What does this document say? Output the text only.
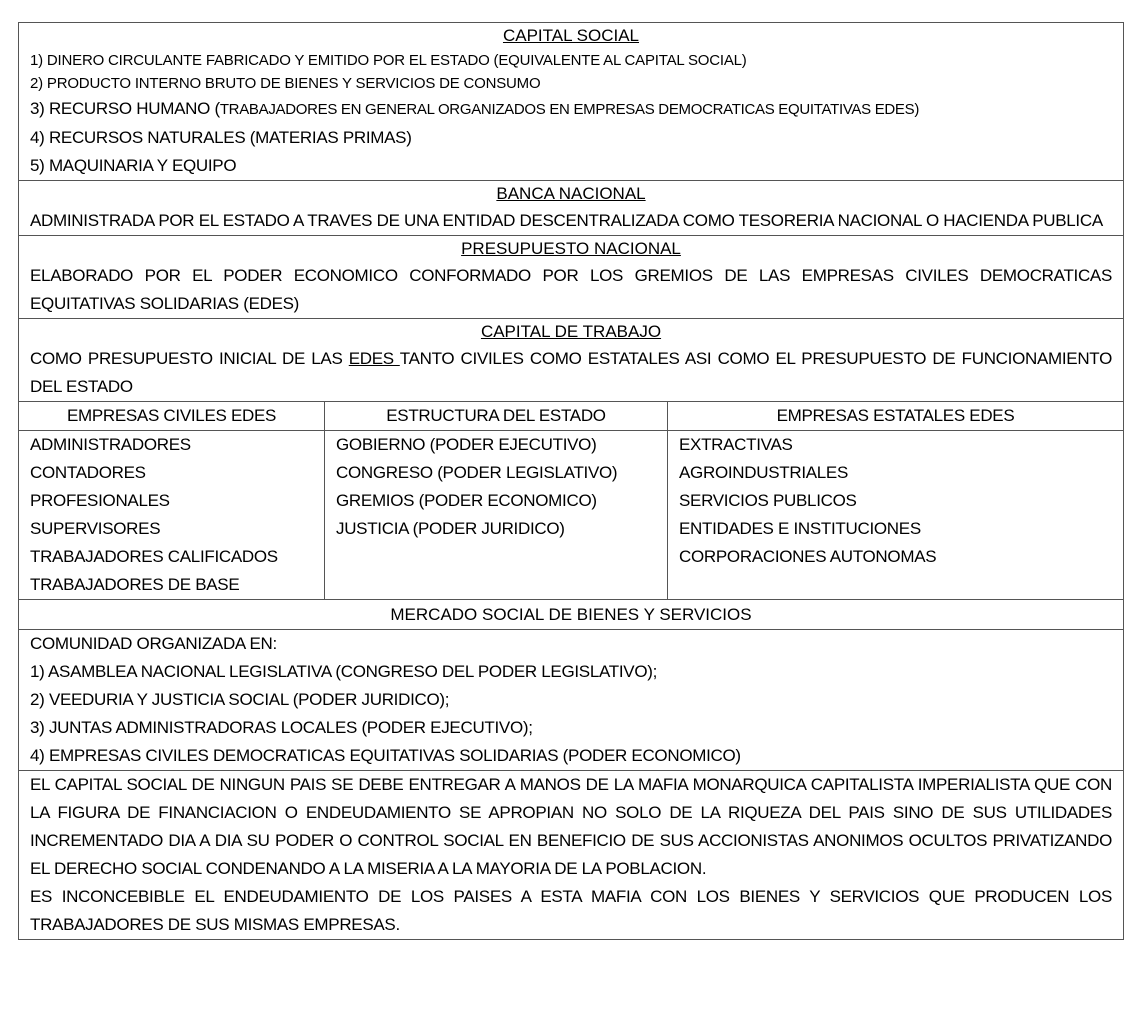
CAPITAL SOCIAL
1) DINERO CIRCULANTE FABRICADO Y EMITIDO POR EL ESTADO (EQUIVALENTE AL CAPITAL SOCIAL)
2) PRODUCTO INTERNO BRUTO DE BIENES Y SERVICIOS DE CONSUMO
3) RECURSO HUMANO (TRABAJADORES EN GENERAL ORGANIZADOS EN EMPRESAS DEMOCRATICAS EQUITATIVAS EDES)
4) RECURSOS NATURALES (MATERIAS PRIMAS)
5) MAQUINARIA Y EQUIPO
BANCA NACIONAL
ADMINISTRADA POR EL ESTADO A TRAVES DE UNA ENTIDAD DESCENTRALIZADA COMO TESORERIA NACIONAL O HACIENDA PUBLICA
PRESUPUESTO NACIONAL
ELABORADO POR EL PODER ECONOMICO CONFORMADO POR LOS GREMIOS DE LAS EMPRESAS CIVILES DEMOCRATICAS EQUITATIVAS SOLIDARIAS (EDES)
CAPITAL DE TRABAJO
COMO PRESUPUESTO INICIAL DE LAS EDES TANTO CIVILES COMO ESTATALES ASI COMO EL PRESUPUESTO DE FUNCIONAMIENTO DEL ESTADO
EMPRESAS CIVILES EDES	ESTRUCTURA DEL ESTADO	EMPRESAS ESTATALES EDES
ADMINISTRADORES
CONTADORES
PROFESIONALES
SUPERVISORES
TRABAJADORES CALIFICADOS
TRABAJADORES DE BASE
GOBIERNO (PODER EJECUTIVO)
CONGRESO (PODER LEGISLATIVO)
GREMIOS (PODER ECONOMICO)
JUSTICIA (PODER JURIDICO)
EXTRACTIVAS
AGROINDUSTRIALES
SERVICIOS PUBLICOS
ENTIDADES E INSTITUCIONES
CORPORACIONES AUTONOMAS
MERCADO SOCIAL DE BIENES Y SERVICIOS
COMUNIDAD ORGANIZADA EN:
1) ASAMBLEA NACIONAL LEGISLATIVA (CONGRESO DEL PODER LEGISLATIVO);
2) VEEDURIA Y JUSTICIA SOCIAL (PODER JURIDICO);
3) JUNTAS ADMINISTRADORAS LOCALES (PODER EJECUTIVO);
4) EMPRESAS CIVILES DEMOCRATICAS EQUITATIVAS SOLIDARIAS (PODER ECONOMICO)
EL CAPITAL SOCIAL DE NINGUN PAIS SE DEBE ENTREGAR A MANOS DE LA MAFIA MONARQUICA CAPITALISTA IMPERIALISTA QUE CON LA FIGURA DE FINANCIACION O ENDEUDAMIENTO SE APROPIAN NO SOLO DE LA RIQUEZA DEL PAIS SINO DE SUS UTILIDADES INCREMENTADO DIA A DIA SU PODER O CONTROL SOCIAL EN BENEFICIO DE SUS ACCIONISTAS ANONIMOS OCULTOS PRIVATIZANDO EL DERECHO SOCIAL CONDENANDO A LA MISERIA A LA MAYORIA DE LA POBLACION.
ES INCONCEBIBLE EL ENDEUDAMIENTO DE LOS PAISES A ESTA MAFIA CON LOS BIENES Y SERVICIOS QUE PRODUCEN LOS TRABAJADORES DE SUS MISMAS EMPRESAS.
